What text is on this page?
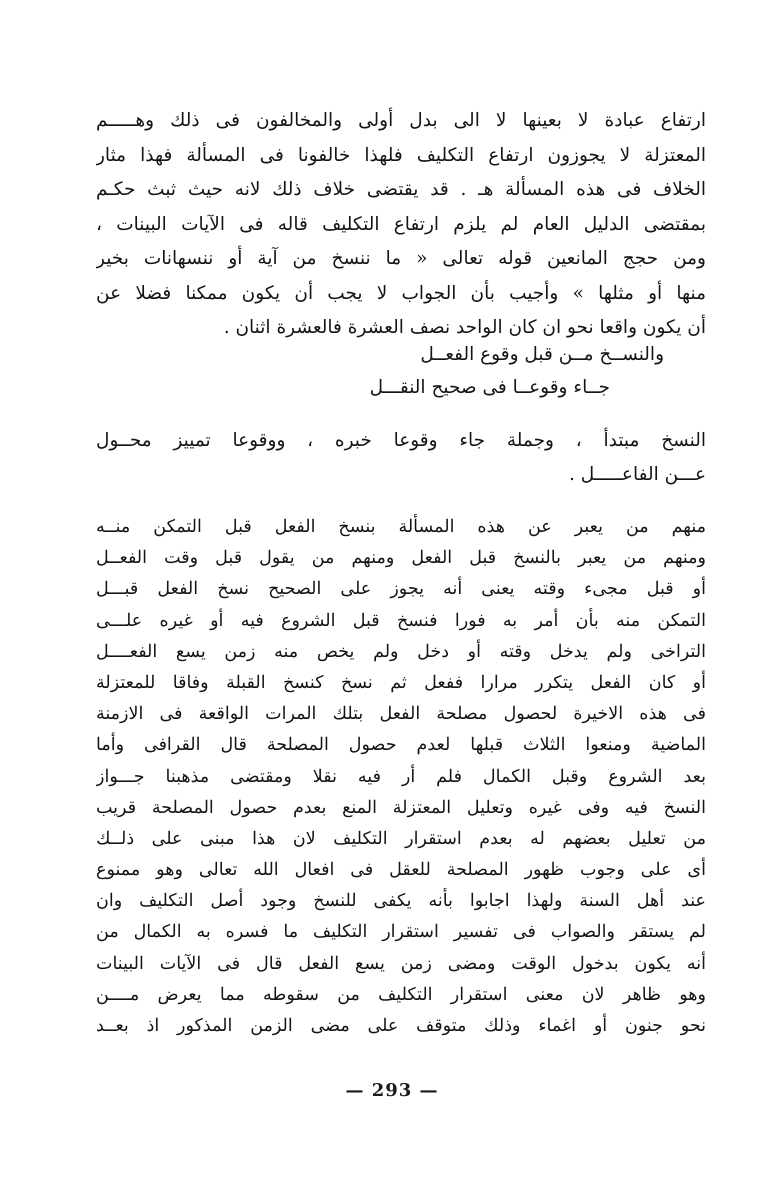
ارتفاع عبادة لا بعينها لا الى بدل أولى والمخالفون فى ذلك وهـــــم
المعتزلة لا يجوزون ارتفاع التكليف فلهذا خالفونا فى المسألة فهذا مثار
الخلاف فى هذه المسألة هـ . قد يقتضى خلاف ذلك لانه حيث ثبث حكـم
بمقتضى الدليل العام لم يلزم ارتفاع التكليف قاله فى الآيات البينات ،
ومن حجج المانعين قوله تعالى « ما ننسخ من آية أو ننسهانات بخير
منها أو مثلها » وأجيب بأن الجواب لا يجب أن يكون ممكنا فضلا عن
أن يكون واقعا نحو ان كان الواحد نصف العشرة فالعشرة اثنان .
والنســخ مــن قبل وقوع الفعــل
جــاء وقوعــا فى صحيح النقـــل
النسخ مبتدأ ، وجملة جاء وقوعا خبره ، ووقوعا تمييز محــول
عـــن الفاعـــــل .
منهم من يعبر عن هذه المسألة بنسخ الفعل قبل التمكن منــه
ومنهم من يعبر بالنسخ قبل الفعل ومنهم من يقول قبل وقت الفعــل
أو قبل مجىء وقته يعنى أنه يجوز على الصحيح نسخ الفعل قبـــل
التمكن منه بأن أمر به فورا فنسخ قبل الشروع فيه أو غيره علـــى
التراخى ولم يدخل وقته أو دخل ولم يخص منه زمن يسع الفعــــل
أو كان الفعل يتكرر مرارا ففعل ثم نسخ كنسخ القبلة وفاقا للمعتزلة
فى هذه الاخيرة لحصول مصلحة الفعل بتلك المرات الواقعة فى الازمنة
الماضية ومنعوا الثلاث قبلها لعدم حصول المصلحة قال القرافى وأما
بعد الشروع وقبل الكمال فلم أر فيه نقلا ومقتضى مذهبنا جـــواز
النسخ فيه وفى غيره وتعليل المعتزلة المنع بعدم حصول المصلحة قريب
من تعليل بعضهم له بعدم استقرار التكليف لان هذا مبنى على ذلــك
أى على وجوب ظهور المصلحة للعقل فى افعال الله تعالى وهو ممنوع
عند أهل السنة ولهذا اجابوا بأنه يكفى للنسخ وجود أصل التكليف وان
لم يستقر والصواب فى تفسير استقرار التكليف ما فسره به الكمال من
أنه يكون بدخول الوقت ومضى زمن يسع الفعل قال فى الآيات البينات
وهو ظاهر لان معنى استقرار التكليف من سقوطه مما يعرض مــــن
نحو جنون أو اغماء وذلك متوقف على مضى الزمن المذكور اذ بعــد
— 293 —
